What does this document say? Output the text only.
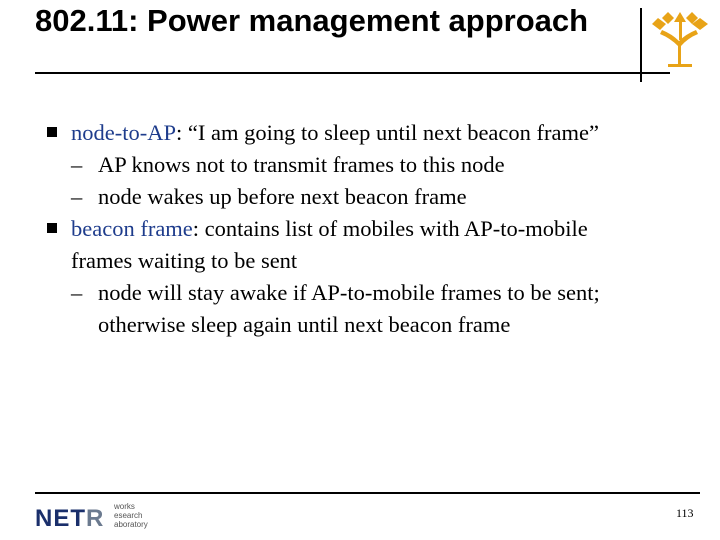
802.11: Power management approach
node-to-AP: “I am going to sleep until next beacon frame”
– AP knows not to transmit frames to this node
– node wakes up before next beacon frame
beacon frame: contains list of mobiles with AP-to-mobile frames waiting to be sent
– node will stay awake if AP-to-mobile frames to be sent; otherwise sleep again until next beacon frame
NETR works
esearch
aboratory
113
